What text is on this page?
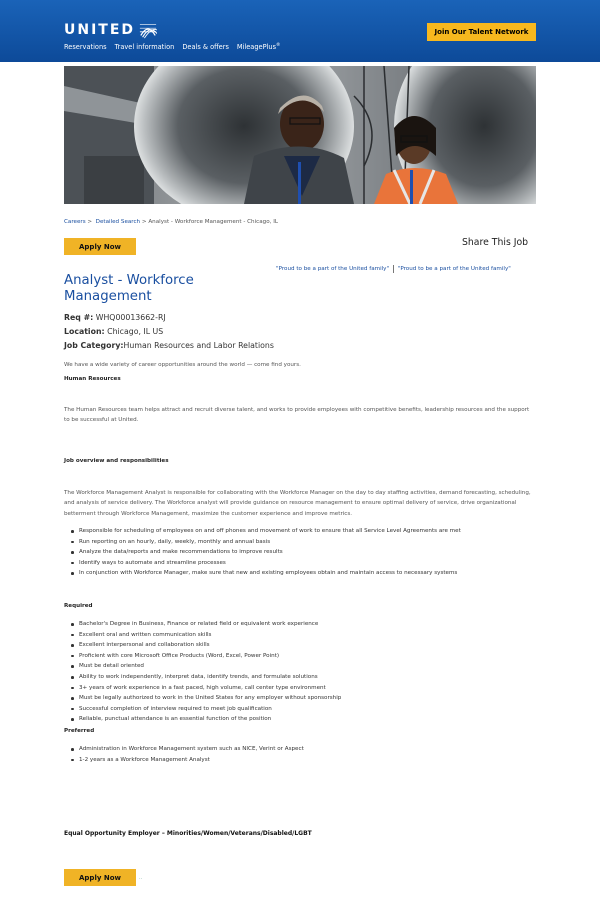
UNITED
Reservations Travel information Deals & offers MileagePlus®
Join Our Talent Network
Careers > Detailed Search > Analyst - Workforce Management - Chicago, IL
Apply Now	Share This Job
"Proud to be a part of the United family" | "Proud to be a part of the United family"
Analyst - Workforce Management
Req #: WHQ00013662-RJ
Location: Chicago, IL US
Job Category:Human Resources and Labor Relations
We have a wide variety of career opportunities around the world — come find yours.
Human Resources
The Human Resources team helps attract and recruit diverse talent, and works to provide employees with competitive benefits, leadership resources and the support to be successful at United.
Job overview and responsibilities
The Workforce Management Analyst is responsible for collaborating with the Workforce Manager on the day to day staffing activities, demand forecasting, scheduling, and analysis of service delivery. The Workforce analyst will provide guidance on resource management to ensure optimal delivery of service, drive organizational betterment through Workforce Management, maximize the customer experience and improve metrics.
Responsible for scheduling of employees on and off phones and movement of work to ensure that all Service Level Agreements are met
Run reporting on an hourly, daily, weekly, monthly and annual basis
Analyze the data/reports and make recommendations to improve results
Identify ways to automate and streamline processes
In conjunction with Workforce Manager, make sure that new and existing employees obtain and maintain access to necessary systems
Required
Bachelor's Degree in Business, Finance or related field or equivalent work experience
Excellent oral and written communication skills
Excellent interpersonal and collaboration skills
Proficient with core Microsoft Office Products (Word, Excel, Power Point)
Must be detail oriented
Ability to work independently, interpret data, identify trends, and formulate solutions
3+ years of work experience in a fast paced, high volume, call center type environment
Must be legally authorized to work in the United States for any employer without sponsorship
Successful completion of interview required to meet job qualification
Reliable, punctual attendance is an essential function of the position
Preferred
Administration in Workforce Management system such as NICE, Verint or Aspect
1-2 years as a Workforce Management Analyst
Equal Opportunity Employer – Minorities/Women/Veterans/Disabled/LGBT
Apply Now	..
